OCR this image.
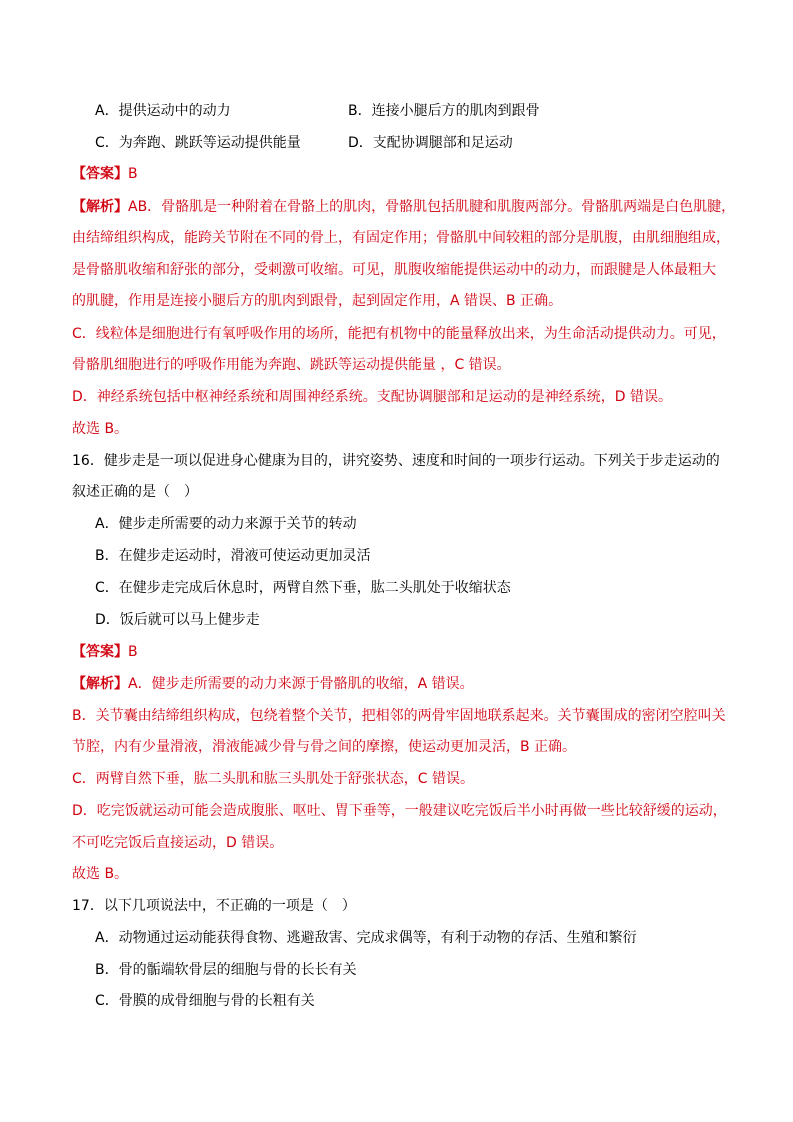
A．提供运动中的动力	B．连接小腿后方的肌肉到跟骨
C．为奔跑、跳跃等运动提供能量	D．支配协调腿部和足运动
【答案】B
【解析】AB．骨骼肌是一种附着在骨骼上的肌肉，骨骼肌包括肌腱和肌腹两部分。骨骼肌两端是白色肌腱，
由结缔组织构成，能跨关节附在不同的骨上，有固定作用；骨骼肌中间较粗的部分是肌腹，由肌细胞组成，
是骨骼肌收缩和舒张的部分，受刺激可收缩。可见，肌腹收缩能提供运动中的动力，而跟腱是人体最粗大
的肌腱，作用是连接小腿后方的肌肉到跟骨，起到固定作用，A 错误、B 正确。
C．线粒体是细胞进行有氧呼吸作用的场所，能把有机物中的能量释放出来，为生命活动提供动力。可见，
骨骼肌细胞进行的呼吸作用能为奔跑、跳跃等运动提供能量 ，C 错误。
D．神经系统包括中枢神经系统和周围神经系统。支配协调腿部和足运动的是神经系统，D 错误。
故选 B。
16．健步走是一项以促进身心健康为目的，讲究姿势、速度和时间的一项步行运动。下列关于步走运动的
叙述正确的是（　）
A．健步走所需要的动力来源于关节的转动
B．在健步走运动时，滑液可使运动更加灵活
C．在健步走完成后休息时，两臂自然下垂，肱二头肌处于收缩状态
D．饭后就可以马上健步走
【答案】B
【解析】A．健步走所需要的动力来源于骨骼肌的收缩，A 错误。
B．关节囊由结缔组织构成，包绕着整个关节，把相邻的两骨牢固地联系起来。关节囊围成的密闭空腔叫关
节腔，内有少量滑液，滑液能减少骨与骨之间的摩擦，使运动更加灵活，B 正确。
C．两臂自然下垂，肱二头肌和肱三头肌处于舒张状态，C 错误。
D．吃完饭就运动可能会造成腹胀、呕吐、胃下垂等，一般建议吃完饭后半小时再做一些比较舒缓的运动，
不可吃完饭后直接运动，D 错误。
故选 B。
17．以下几项说法中，不正确的一项是（　）
A．动物通过运动能获得食物、逃避敌害、完成求偶等，有利于动物的存活、生殖和繁衍
B．骨的骺端软骨层的细胞与骨的长长有关
C．骨膜的成骨细胞与骨的长粗有关
